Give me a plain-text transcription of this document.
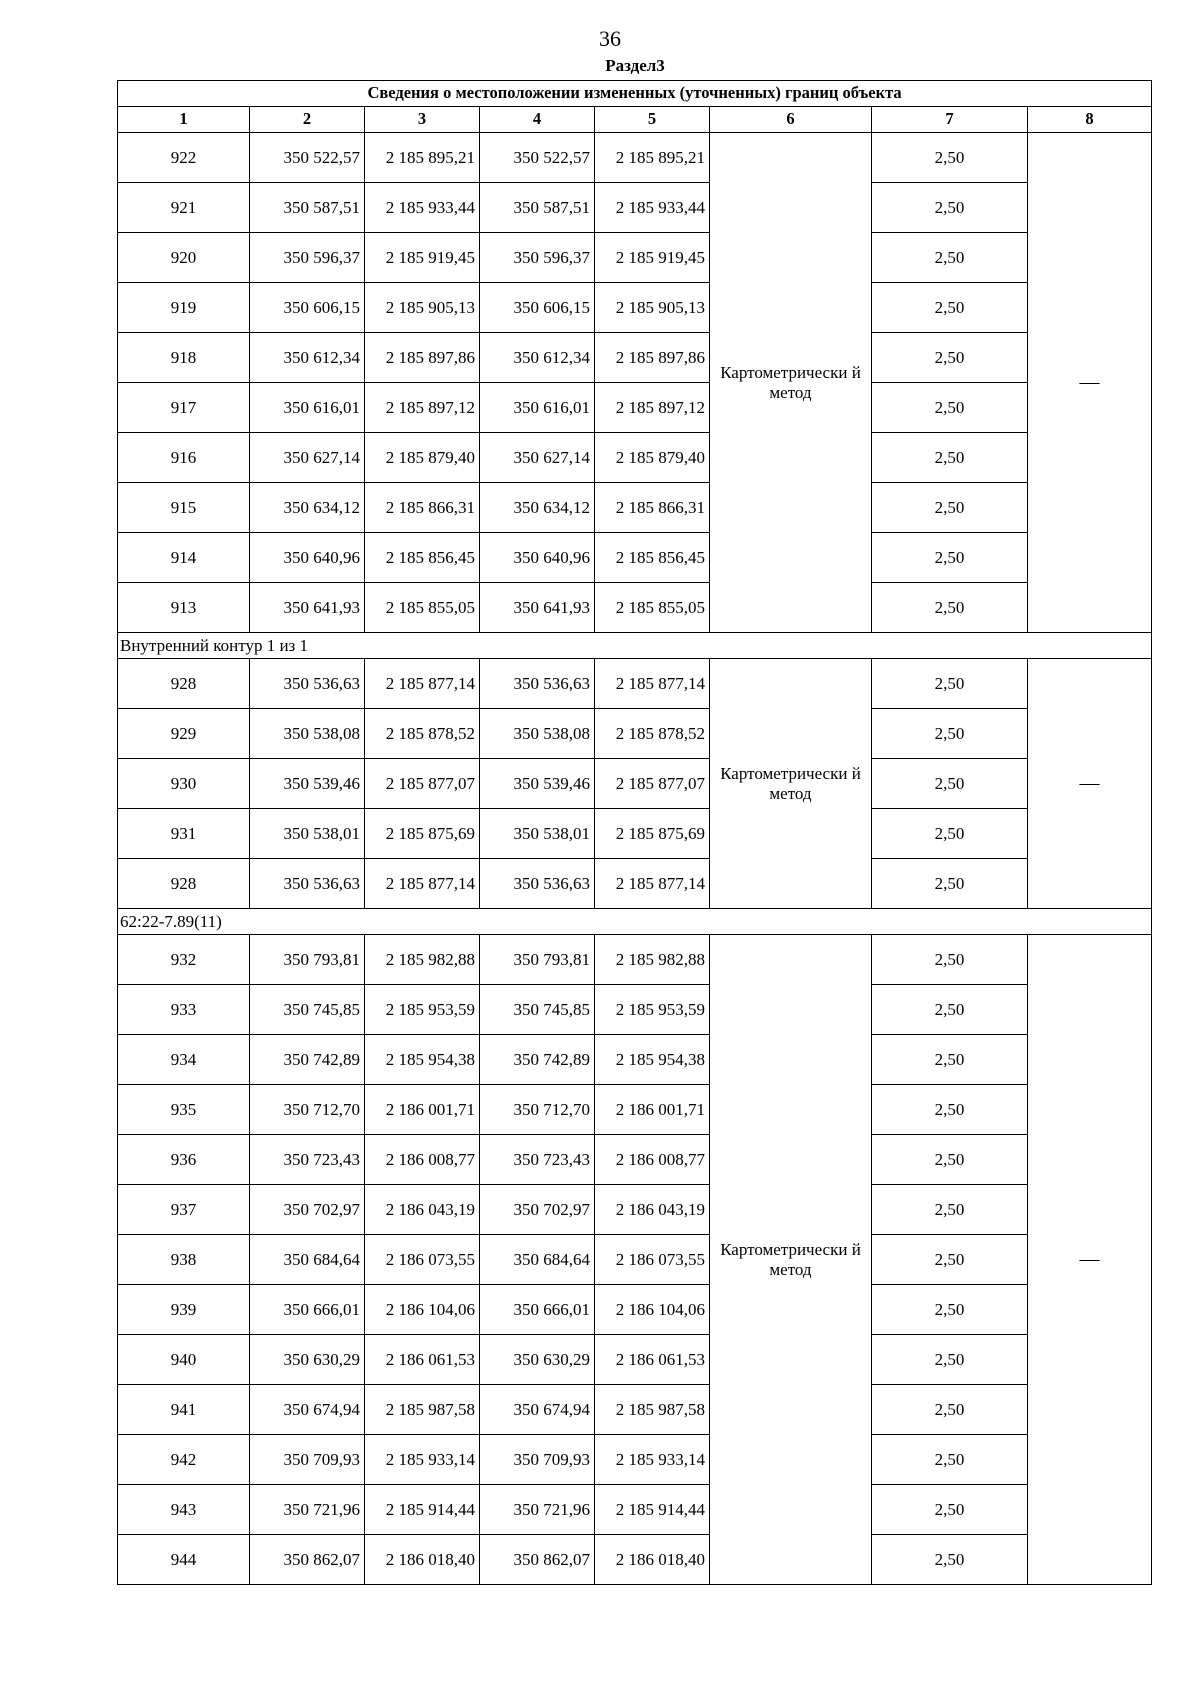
36
Раздел3
Сведения о местоположении измененных (уточненных) границ объекта							
1	2	3	4	5	6	7	8
922	350 522,57	2 185 895,21	350 522,57	2 185 895,21	Картометрически й метод	2,50	—
921	350 587,51	2 185 933,44	350 587,51	2 185 933,44		2,50	
920	350 596,37	2 185 919,45	350 596,37	2 185 919,45		2,50	
919	350 606,15	2 185 905,13	350 606,15	2 185 905,13		2,50	
918	350 612,34	2 185 897,86	350 612,34	2 185 897,86		2,50	
917	350 616,01	2 185 897,12	350 616,01	2 185 897,12		2,50	
916	350 627,14	2 185 879,40	350 627,14	2 185 879,40		2,50	
915	350 634,12	2 185 866,31	350 634,12	2 185 866,31		2,50	
914	350 640,96	2 185 856,45	350 640,96	2 185 856,45		2,50	
913	350 641,93	2 185 855,05	350 641,93	2 185 855,05		2,50	
Внутренний контур 1 из 1							
928	350 536,63	2 185 877,14	350 536,63	2 185 877,14	Картометрически й метод	2,50	—
929	350 538,08	2 185 878,52	350 538,08	2 185 878,52		2,50	
930	350 539,46	2 185 877,07	350 539,46	2 185 877,07		2,50	
931	350 538,01	2 185 875,69	350 538,01	2 185 875,69		2,50	
928	350 536,63	2 185 877,14	350 536,63	2 185 877,14		2,50	
62:22-7.89(11)							
932	350 793,81	2 185 982,88	350 793,81	2 185 982,88	Картометрически й метод	2,50	—
933	350 745,85	2 185 953,59	350 745,85	2 185 953,59		2,50	
934	350 742,89	2 185 954,38	350 742,89	2 185 954,38		2,50	
935	350 712,70	2 186 001,71	350 712,70	2 186 001,71		2,50	
936	350 723,43	2 186 008,77	350 723,43	2 186 008,77		2,50	
937	350 702,97	2 186 043,19	350 702,97	2 186 043,19		2,50	
938	350 684,64	2 186 073,55	350 684,64	2 186 073,55		2,50	
939	350 666,01	2 186 104,06	350 666,01	2 186 104,06		2,50	
940	350 630,29	2 186 061,53	350 630,29	2 186 061,53		2,50	
941	350 674,94	2 185 987,58	350 674,94	2 185 987,58		2,50	
942	350 709,93	2 185 933,14	350 709,93	2 185 933,14		2,50	
943	350 721,96	2 185 914,44	350 721,96	2 185 914,44		2,50	
944	350 862,07	2 186 018,40	350 862,07	2 186 018,40		2,50	
